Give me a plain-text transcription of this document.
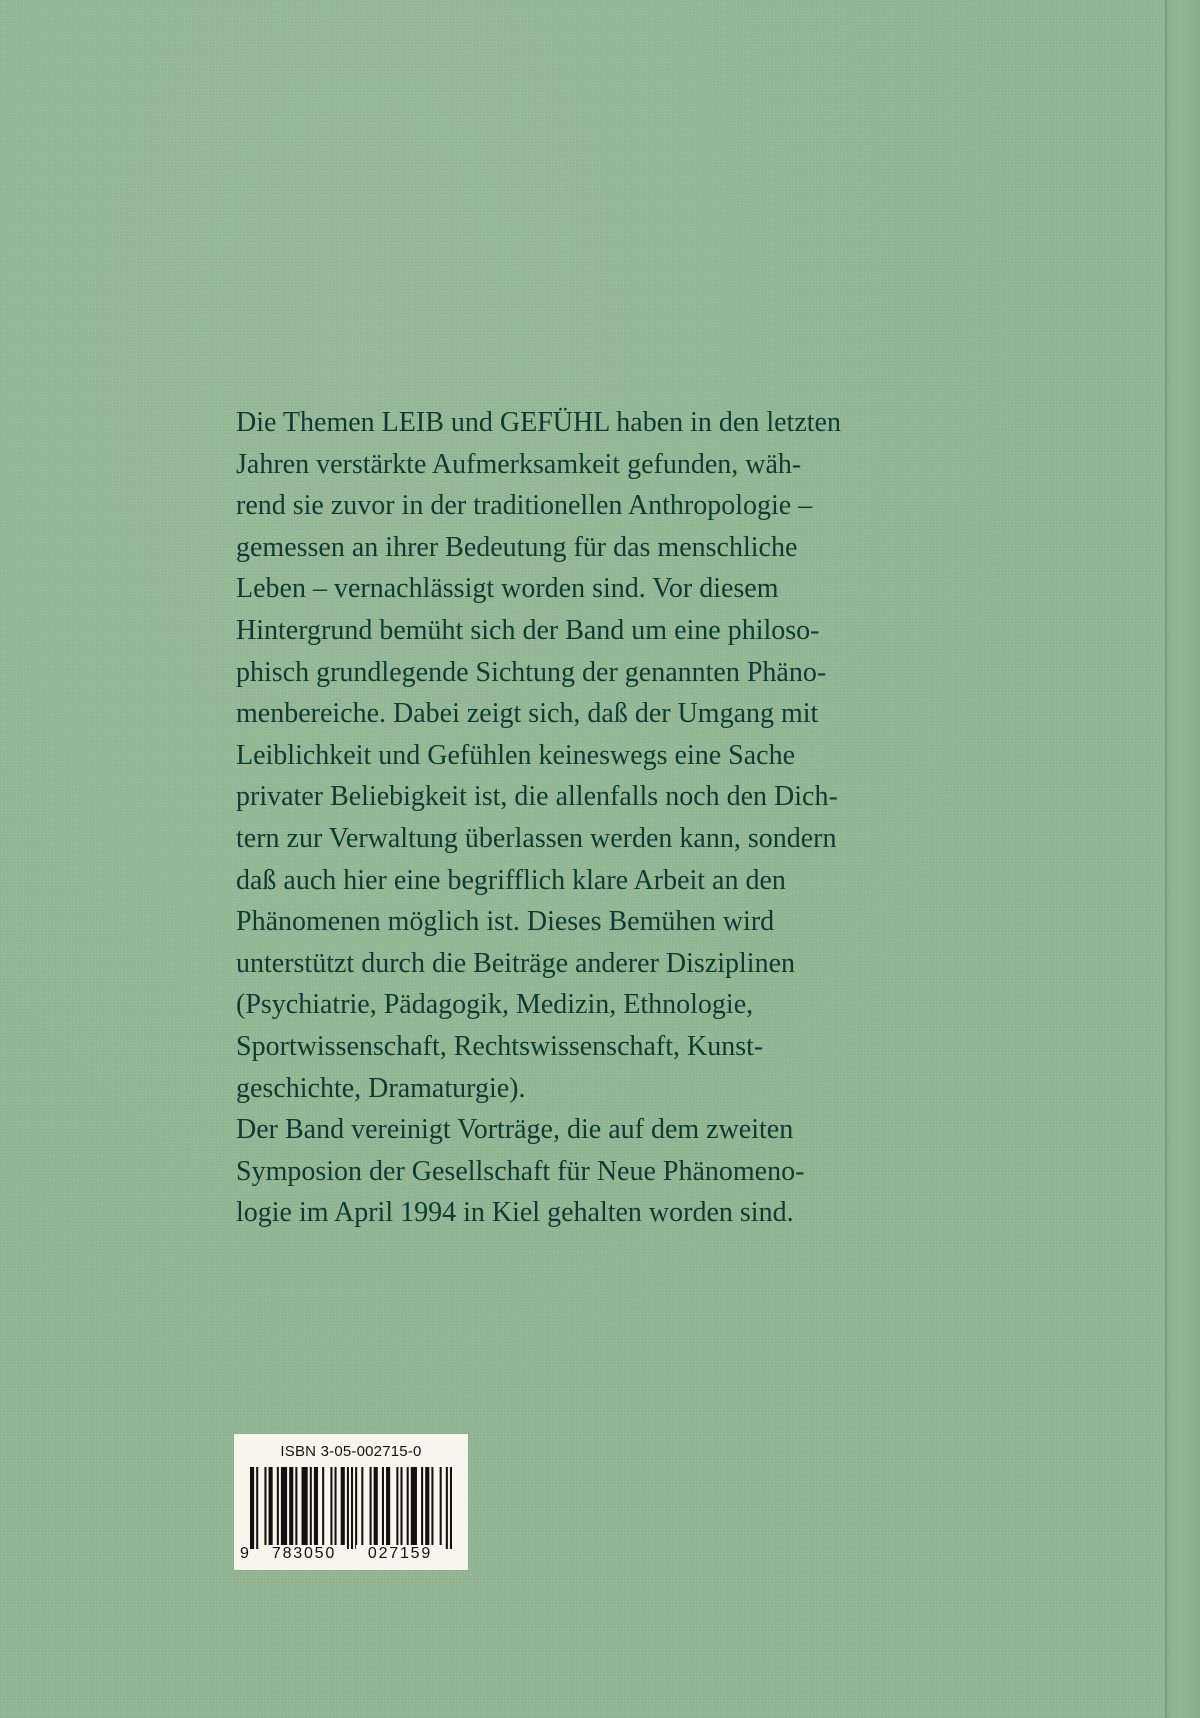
Die Themen LEIB und GEFÜHL haben in den letzten
Jahren verstärkte Aufmerksamkeit gefunden, wäh-
rend sie zuvor in der traditionellen Anthropologie –
gemessen an ihrer Bedeutung für das menschliche
Leben – vernachlässigt worden sind. Vor diesem
Hintergrund bemüht sich der Band um eine philoso-
phisch grundlegende Sichtung der genannten Phäno-
menbereiche. Dabei zeigt sich, daß der Umgang mit
Leiblichkeit und Gefühlen keineswegs eine Sache
privater Beliebigkeit ist, die allenfalls noch den Dich-
tern zur Verwaltung überlassen werden kann, sondern
daß auch hier eine begrifflich klare Arbeit an den
Phänomenen möglich ist. Dieses Bemühen wird
unterstützt durch die Beiträge anderer Disziplinen
(Psychiatrie, Pädagogik, Medizin, Ethnologie,
Sportwissenschaft, Rechtswissenschaft, Kunst-
geschichte, Dramaturgie).
Der Band vereinigt Vorträge, die auf dem zweiten
Symposion der Gesellschaft für Neue Phänomeno-
logie im April 1994 in Kiel gehalten worden sind.

ISBN 3-05-002715-0
9	783050	027159
